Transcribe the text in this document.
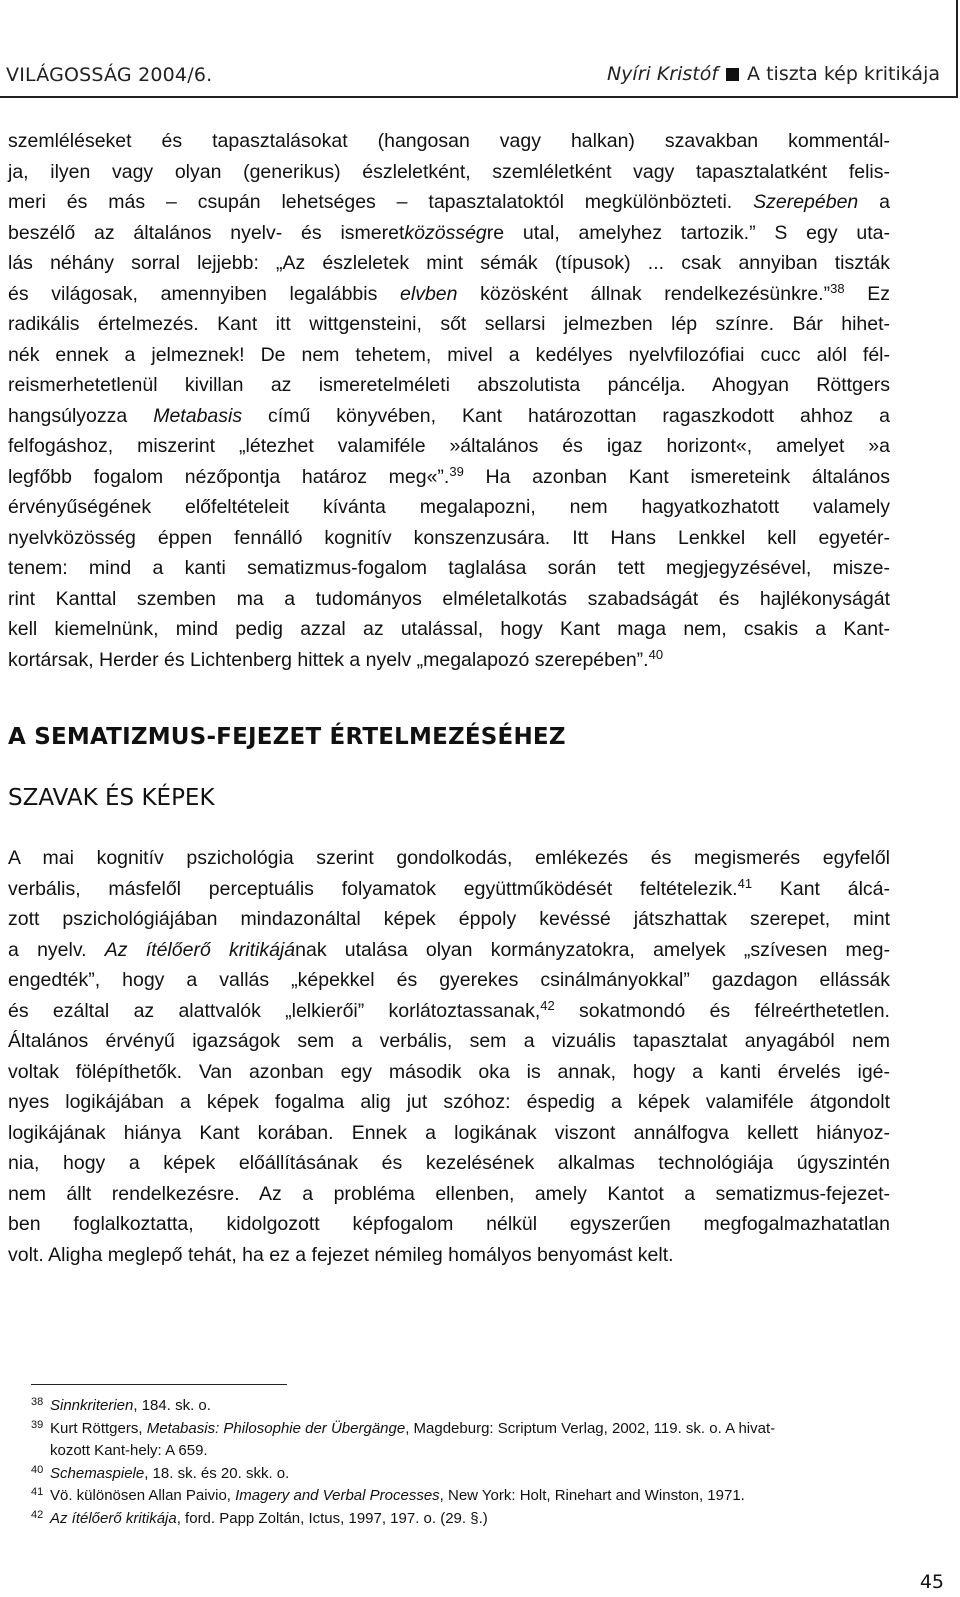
VILÁGOSSÁG 2004/6.	Nyíri Kristóf A tiszta kép kritikája
szemléléseket és tapasztalásokat (hangosan vagy halkan) szavakban kommentál-
ja, ilyen vagy olyan (generikus) észleletként, szemléletként vagy tapasztalatként felis-
meri és más – csupán lehetséges – tapasztalatoktól megkülönbözteti. Szerepében a
beszélő az általános nyelv- és ismeretközösségre utal, amelyhez tartozik.” S egy uta-
lás néhány sorral lejjebb: „Az észleletek mint sémák (típusok) ... csak annyiban tiszták
és világosak, amennyiben legalábbis elvben közösként állnak rendelkezésünkre.”$^{38}$ Ez
radikális értelmezés. Kant itt wittgensteini, sőt sellarsi jelmezben lép színre. Bár hihet-
nék ennek a jelmeznek! De nem tehetem, mivel a kedélyes nyelvfilozófiai cucc alól fél-
reismerhetetlenül kivillan az ismeretelméleti abszolutista páncélja. Ahogyan Röttgers
hangsúlyozza Metabasis című könyvében, Kant határozottan ragaszkodott ahhoz a
felfogáshoz, miszerint „létezhet valamiféle »általános és igaz horizont«, amelyet »a
legfőbb fogalom nézőpontja határoz meg«”.$^{39}$ Ha azonban Kant ismereteink általános
érvényűségének előfeltételeit kívánta megalapozni, nem hagyatkozhatott valamely
nyelvközösség éppen fennálló kognitív konszenzusára. Itt Hans Lenkkel kell egyetér-
tenem: mind a kanti sematizmus-fogalom taglalása során tett megjegyzésével, misze-
rint Kanttal szemben ma a tudományos elméletalkotás szabadságát és hajlékonyságát
kell kiemelnünk, mind pedig azzal az utalással, hogy Kant maga nem, csakis a Kant-
kortársak, Herder és Lichtenberg hittek a nyelv „megalapozó szerepében”.$^{40}$
A SEMATIZMUS-FEJEZET ÉRTELMEZÉSÉHEZ
SZAVAK ÉS KÉPEK
A mai kognitív pszichológia szerint gondolkodás, emlékezés és megismerés egyfelől
verbális, másfelől perceptuális folyamatok együttműködését feltételezik.$^{41}$ Kant álcá-
zott pszichológiájában mindazonáltal képek éppoly kevéssé játszhattak szerepet, mint
a nyelv. Az ítélőerő kritikájának utalása olyan kormányzatokra, amelyek „szívesen meg-
engedték”, hogy a vallás „képekkel és gyerekes csinálmányokkal” gazdagon ellássák
és ezáltal az alattvalók „lelkierői” korlátoztassanak,$^{42}$ sokatmondó és félreérthetetlen.
Általános érvényű igazságok sem a verbális, sem a vizuális tapasztalat anyagából nem
voltak fölépíthetők. Van azonban egy második oka is annak, hogy a kanti érvelés igé-
nyes logikájában a képek fogalma alig jut szóhoz: éspedig a képek valamiféle átgondolt
logikájának hiánya Kant korában. Ennek a logikának viszont annálfogva kellett hiányoz-
nia, hogy a képek előállításának és kezelésének alkalmas technológiája úgyszintén
nem állt rendelkezésre. Az a probléma ellenben, amely Kantot a sematizmus-fejezet-
ben foglalkoztatta, kidolgozott képfogalom nélkül egyszerűen megfogalmazhatatlan
volt. Aligha meglepő tehát, ha ez a fejezet némileg homályos benyomást kelt.
38 Sinnkriterien, 184. sk. o.
39 Kurt Röttgers, Metabasis: Philosophie der Übergänge, Magdeburg: Scriptum Verlag, 2002, 119. sk. o. A hivat-
kozott Kant-hely: A 659.
40 Schemaspiele, 18. sk. és 20. skk. o.
41 Vö. különösen Allan Paivio, Imagery and Verbal Processes, New York: Holt, Rinehart and Winston, 1971.
42 Az ítélőerő kritikája, ford. Papp Zoltán, Ictus, 1997, 197. o. (29. §.)
45
